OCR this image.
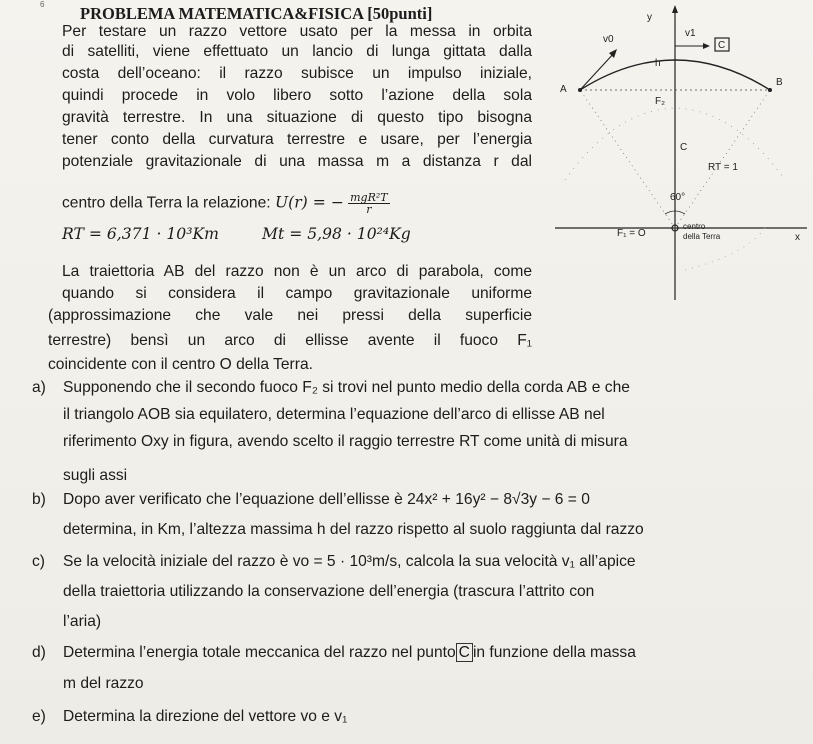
6 PROBLEMA MATEMATICA&FISICA [50punti]
Per testare un razzo vettore usato per la messa in orbita
di satelliti, viene effettuato un lancio di lunga gittata dalla
costa dell’oceano: il razzo subisce un impulso iniziale,
quindi procede in volo libero sotto l’azione della sola
gravità terrestre. In una situazione di questo tipo bisogna
tener conto della curvatura terrestre e usare, per l’energia
potenziale gravitazionale di una massa m a distanza r dal
centro della Terra la relazione: U(r) = − $\frac{\text{mgR²T}}{r}$
RT = 6,371 · 10³Km	Mt = 5,98 · 10²⁴Kg
La traiettoria AB del razzo non è un arco di parabola, come
quando si considera il campo gravitazionale uniforme
(approssimazione che vale nei pressi della superficie
terrestre) bensì un arco di ellisse avente il fuoco F₁
coincidente con il centro O della Terra.
a) Supponendo che il secondo fuoco F₂ si trovi nel punto medio della corda AB e che
il triangolo AOB sia equilatero, determina l’equazione dell’arco di ellisse AB nel
riferimento Oxy in figura, avendo scelto il raggio terrestre RT come unità di misura
sugli assi
b) Dopo aver verificato che l’equazione dell’ellisse è 24x² + 16y² − 8√3y − 6 = 0
determina, in Km, l’altezza massima h del razzo rispetto al suolo raggiunta dal razzo
c) Se la velocità iniziale del razzo è vo = 5 · 10³m/s, calcola la sua velocità v₁ all’apice
della traiettoria utilizzando la conservazione dell’energia (trascura l’attrito con
l’aria)
d) Determina l’energia totale meccanica del razzo nel punto C in funzione della massa
m del razzo
e) Determina la direzione del vettore vo e v₁
y
x
v0
v1
h
A
B
F₂
C
RT = 1
60°
F₁ = O
centro
della Terra
C
